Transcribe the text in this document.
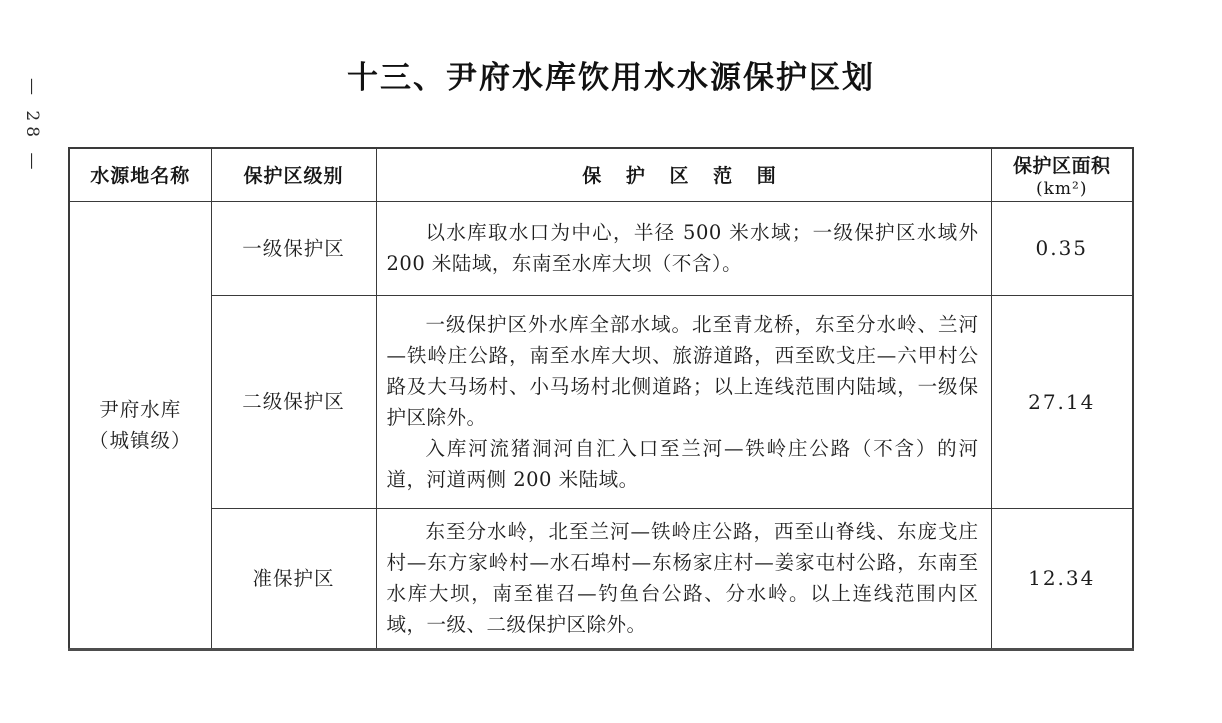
— 28 —	十三、尹府水库饮用水水源保护区划
水源地名称	保护区级别	保 护 区 范 围	保护区面积
(km²)

尹府水库
（城镇级）	一级保护区	以水库取水口为中心，半径 500 米水域；一级保护区水域外 200 米陆域，东南至水库大坝（不含）。	0.35
	二级保护区	一级保护区外水库全部水域。北至青龙桥，东至分水岭、兰河—铁岭庄公路，南至水库大坝、旅游道路，西至欧戈庄—六甲村公路及大马场村、小马场村北侧道路；以上连线范围内陆域，一级保护区除外。

入库河流猪洞河自汇入口至兰河—铁岭庄公路（不含）的河道，河道两侧 200 米陆域。	27.14
	准保护区	东至分水岭，北至兰河—铁岭庄公路，西至山脊线、东庞戈庄村—东方家岭村—水石埠村—东杨家庄村—姜家屯村公路，东南至水库大坝，南至崔召—钓鱼台公路、分水岭。以上连线范围内区域，一级、二级保护区除外。	12.34
